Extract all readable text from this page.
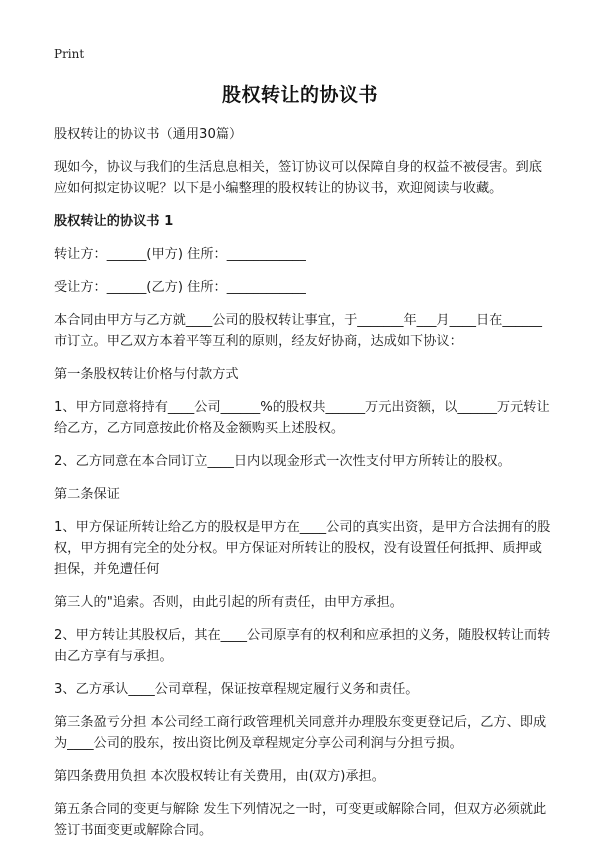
Print
股权转让的协议书

股权转让的协议书（通用30篇）

现如今，协议与我们的生活息息相关，签订协议可以保障自身的权益不被侵害。到底应如何拟定协议呢？以下是小编整理的股权转让的协议书，欢迎阅读与收藏。

股权转让的协议书 1

转让方：______(甲方) 住所：____________

受让方：______(乙方) 住所：____________

本合同由甲方与乙方就____公司的股权转让事宜，于_______年___月____日在______市订立。甲乙双方本着平等互利的原则，经友好协商，达成如下协议：

第一条股权转让价格与付款方式

1、甲方同意将持有____公司______%的股权共______万元出资额，以______万元转让给乙方，乙方同意按此价格及金额购买上述股权。

2、乙方同意在本合同订立____日内以现金形式一次性支付甲方所转让的股权。

第二条保证

1、甲方保证所转让给乙方的股权是甲方在____公司的真实出资，是甲方合法拥有的股权，甲方拥有完全的处分权。甲方保证对所转让的股权，没有设置任何抵押、质押或担保，并免遭任何

第三人的"追索。否则，由此引起的所有责任，由甲方承担。

2、甲方转让其股权后，其在____公司原享有的权利和应承担的义务，随股权转让而转由乙方享有与承担。

3、乙方承认____公司章程，保证按章程规定履行义务和责任。

第三条盈亏分担 本公司经工商行政管理机关同意并办理股东变更登记后，乙方、即成为____公司的股东，按出资比例及章程规定分享公司利润与分担亏损。

第四条费用负担 本次股权转让有关费用，由(双方)承担。

第五条合同的变更与解除 发生下列情况之一时，可变更或解除合同，但双方必须就此签订书面变更或解除合同。
